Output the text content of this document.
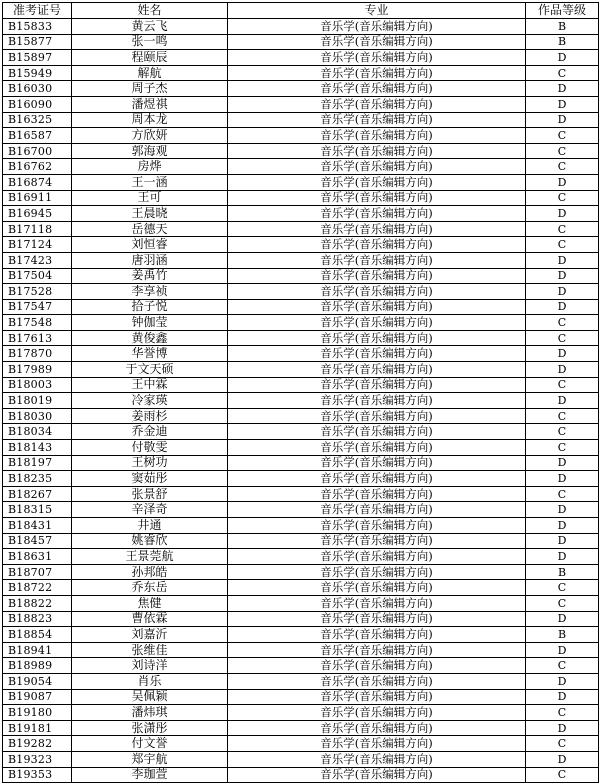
准考证号	姓名	专业	作品等级
B15833	黄云飞	音乐学(音乐编辑方向)	B
B15877	张一鸣	音乐学(音乐编辑方向)	B
B15897	程颐辰	音乐学(音乐编辑方向)	D
B15949	解航	音乐学(音乐编辑方向)	C
B16030	周子杰	音乐学(音乐编辑方向)	D
B16090	潘煜祺	音乐学(音乐编辑方向)	D
B16325	周本龙	音乐学(音乐编辑方向)	D
B16587	方欣妍	音乐学(音乐编辑方向)	C
B16700	郭海观	音乐学(音乐编辑方向)	C
B16762	房烨	音乐学(音乐编辑方向)	C
B16874	王一涵	音乐学(音乐编辑方向)	D
B16911	王可	音乐学(音乐编辑方向)	C
B16945	王晨晓	音乐学(音乐编辑方向)	D
B17118	岳德天	音乐学(音乐编辑方向)	C
B17124	刘恒睿	音乐学(音乐编辑方向)	C
B17423	唐羽涵	音乐学(音乐编辑方向)	D
B17504	姜禹竹	音乐学(音乐编辑方向)	D
B17528	李享祯	音乐学(音乐编辑方向)	D
B17547	拾子悦	音乐学(音乐编辑方向)	D
B17548	钟伽莹	音乐学(音乐编辑方向)	C
B17613	黄俊鑫	音乐学(音乐编辑方向)	C
B17870	华誉博	音乐学(音乐编辑方向)	D
B17989	于文天硕	音乐学(音乐编辑方向)	D
B18003	王中霖	音乐学(音乐编辑方向)	C
B18019	冷家瑛	音乐学(音乐编辑方向)	D
B18030	姜雨杉	音乐学(音乐编辑方向)	C
B18034	乔金迪	音乐学(音乐编辑方向)	C
B18143	付敬雯	音乐学(音乐编辑方向)	C
B18197	王树功	音乐学(音乐编辑方向)	D
B18235	窦茹彤	音乐学(音乐编辑方向)	D
B18267	张景舒	音乐学(音乐编辑方向)	C
B18315	辛泽奇	音乐学(音乐编辑方向)	D
B18431	井通	音乐学(音乐编辑方向)	D
B18457	姚睿欣	音乐学(音乐编辑方向)	D
B18631	王景莞航	音乐学(音乐编辑方向)	D
B18707	孙邦皓	音乐学(音乐编辑方向)	B
B18722	乔东岳	音乐学(音乐编辑方向)	C
B18822	焦健	音乐学(音乐编辑方向)	C
B18823	曹依霖	音乐学(音乐编辑方向)	D
B18854	刘嘉沂	音乐学(音乐编辑方向)	B
B18941	张维佳	音乐学(音乐编辑方向)	D
B18989	刘诗洋	音乐学(音乐编辑方向)	C
B19054	肖乐	音乐学(音乐编辑方向)	D
B19087	吴佩颖	音乐学(音乐编辑方向)	D
B19180	潘炜琪	音乐学(音乐编辑方向)	C
B19181	张潇彤	音乐学(音乐编辑方向)	D
B19282	付文誉	音乐学(音乐编辑方向)	C
B19323	郑宇航	音乐学(音乐编辑方向)	D
B19353	李珈萱	音乐学(音乐编辑方向)	C
